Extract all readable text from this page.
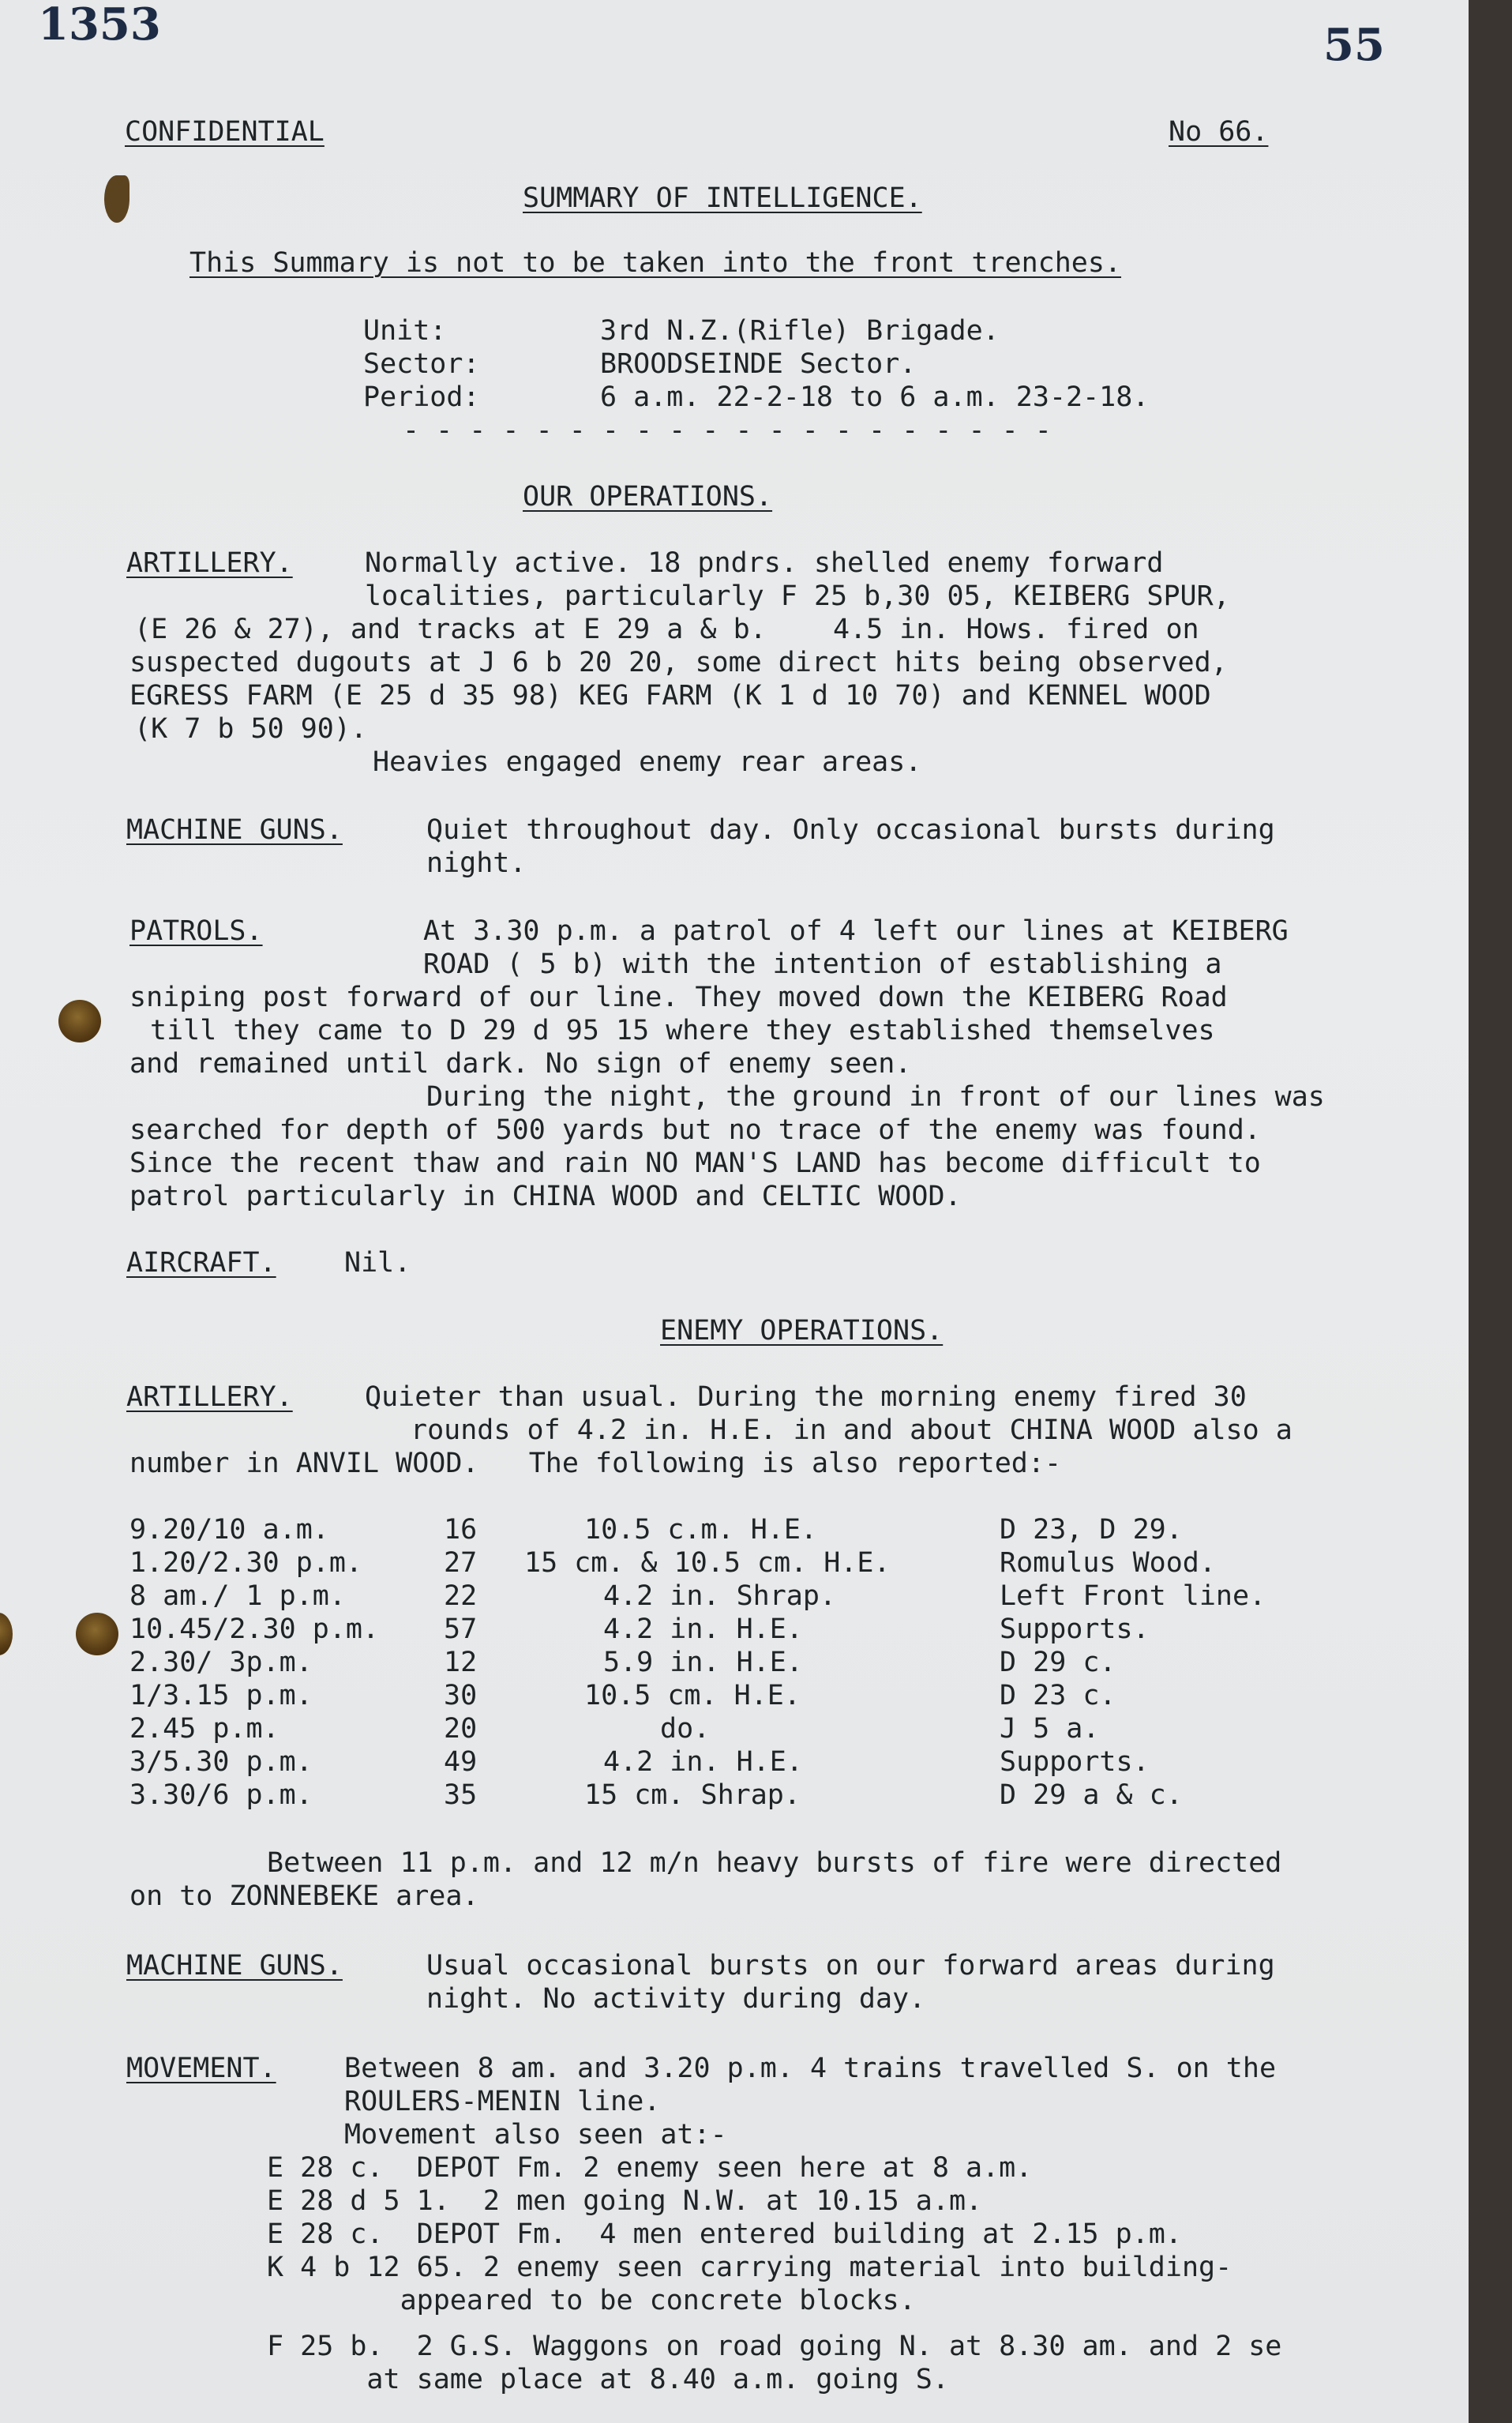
1353	55
CONFIDENTIAL	No 66.
SUMMARY OF INTELLIGENCE.
This Summary is not to be taken into the front trenches.
Unit:	3rd N.Z.(Rifle) Brigade.
Sector:	BROODSEINDE Sector.
Period:	6 a.m. 22-2-18 to 6 a.m. 23-2-18.
- - - - - - - - - - - - - - - - - - - -
OUR OPERATIONS.
ARTILLERY.	Normally active. 18 pndrs. shelled enemy forward
localities, particularly F 25 b,30 05, KEIBERG SPUR,
(E 26 & 27), and tracks at E 29 a & b.    4.5 in. Hows. fired on
suspected dugouts at J 6 b 20 20, some direct hits being observed,
EGRESS FARM (E 25 d 35 98) KEG FARM (K 1 d 10 70) and KENNEL WOOD
(K 7 b 50 90).
Heavies engaged enemy rear areas.
MACHINE GUNS.	Quiet throughout day. Only occasional bursts during
night.
PATROLS.	At 3.30 p.m. a patrol of 4 left our lines at KEIBERG
ROAD ( 5 b) with the intention of establishing a
sniping post forward of our line. They moved down the KEIBERG Road
till they came to D 29 d 95 15 where they established themselves
and remained until dark. No sign of enemy seen.
During the night, the ground in front of our lines was
searched for depth of 500 yards but no trace of the enemy was found.
Since the recent thaw and rain NO MAN'S LAND has become difficult to
patrol particularly in CHINA WOOD and CELTIC WOOD.
AIRCRAFT. Nil.
ENEMY OPERATIONS.
ARTILLERY.	Quieter than usual. During the morning enemy fired 30
rounds of 4.2 in. H.E. in and about CHINA WOOD also a
number in ANVIL WOOD.   The following is also reported:-
9.20/10 a.m.	16	10.5 c.m. H.E.	D 23, D 29.
1.20/2.30 p.m.	27 15 cm. & 10.5 cm. H.E.	Romulus Wood.
8 am./ 1 p.m.	22	4.2 in. Shrap.	Left Front line.
10.45/2.30 p.m. 57	4.2 in. H.E.	Supports.
2.30/ 3p.m.	12	5.9 in. H.E.	D 29 c.
1/3.15 p.m.	30	10.5 cm. H.E.	D 23 c.
2.45 p.m.	20	do.	J 5 a.
3/5.30 p.m.	49	4.2 in. H.E.	Supports.
3.30/6 p.m.	35	15 cm. Shrap.	D 29 a & c.
Between 11 p.m. and 12 m/n heavy bursts of fire were directed
on to ZONNEBEKE area.
MACHINE GUNS.	Usual occasional bursts on our forward areas during
night. No activity during day.
MOVEMENT. Between 8 am. and 3.20 p.m. 4 trains travelled S. on the
ROULERS-MENIN line.
Movement also seen at:-
E 28 c.  DEPOT Fm. 2 enemy seen here at 8 a.m.
E 28 d 5 1.  2 men going N.W. at 10.15 a.m.
E 28 c.  DEPOT Fm.  4 men entered building at 2.15 p.m.
K 4 b 12 65. 2 enemy seen carrying material into building-
appeared to be concrete blocks.
F 25 b.  2 G.S. Waggons on road going N. at 8.30 am. and 2 se
at same place at 8.40 a.m. going S.
